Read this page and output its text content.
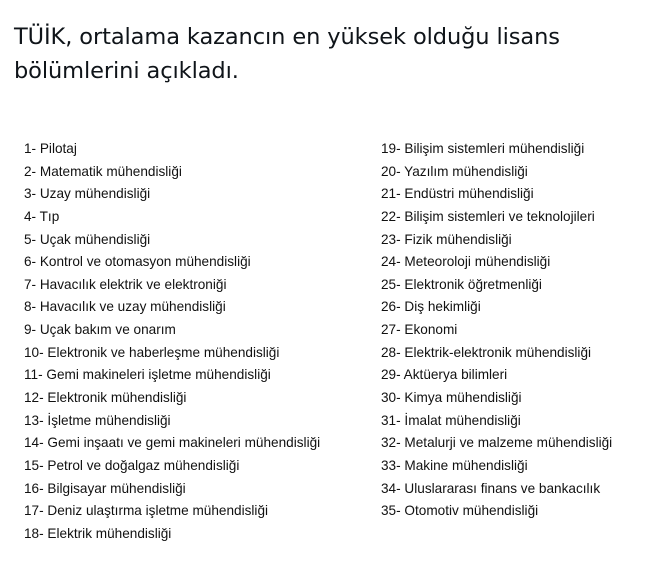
TÜİK, ortalama kazancın en yüksek olduğu lisans bölümlerini açıkladı.
1- Pilotaj
2- Matematik mühendisliği
3- Uzay mühendisliği
4- Tıp
5- Uçak mühendisliği
6- Kontrol ve otomasyon mühendisliği
7- Havacılık elektrik ve elektroniği
8- Havacılık ve uzay mühendisliği
9- Uçak bakım ve onarım
10- Elektronik ve haberleşme mühendisliği
11- Gemi makineleri işletme mühendisliği
12- Elektronik mühendisliği
13- İşletme mühendisliği
14- Gemi inşaatı ve gemi makineleri mühendisliği
15- Petrol ve doğalgaz mühendisliği
16- Bilgisayar mühendisliği
17- Deniz ulaştırma işletme mühendisliği
18- Elektrik mühendisliği
19- Bilişim sistemleri mühendisliği
20- Yazılım mühendisliği
21- Endüstri mühendisliği
22- Bilişim sistemleri ve teknolojileri
23- Fizik mühendisliği
24- Meteoroloji mühendisliği
25- Elektronik öğretmenliği
26- Diş hekimliği
27- Ekonomi
28- Elektrik-elektronik mühendisliği
29- Aktüerya bilimleri
30- Kimya mühendisliği
31- İmalat mühendisliği
32- Metalurji ve malzeme mühendisliği
33- Makine mühendisliği
34- Uluslararası finans ve bankacılık
35- Otomotiv mühendisliği
